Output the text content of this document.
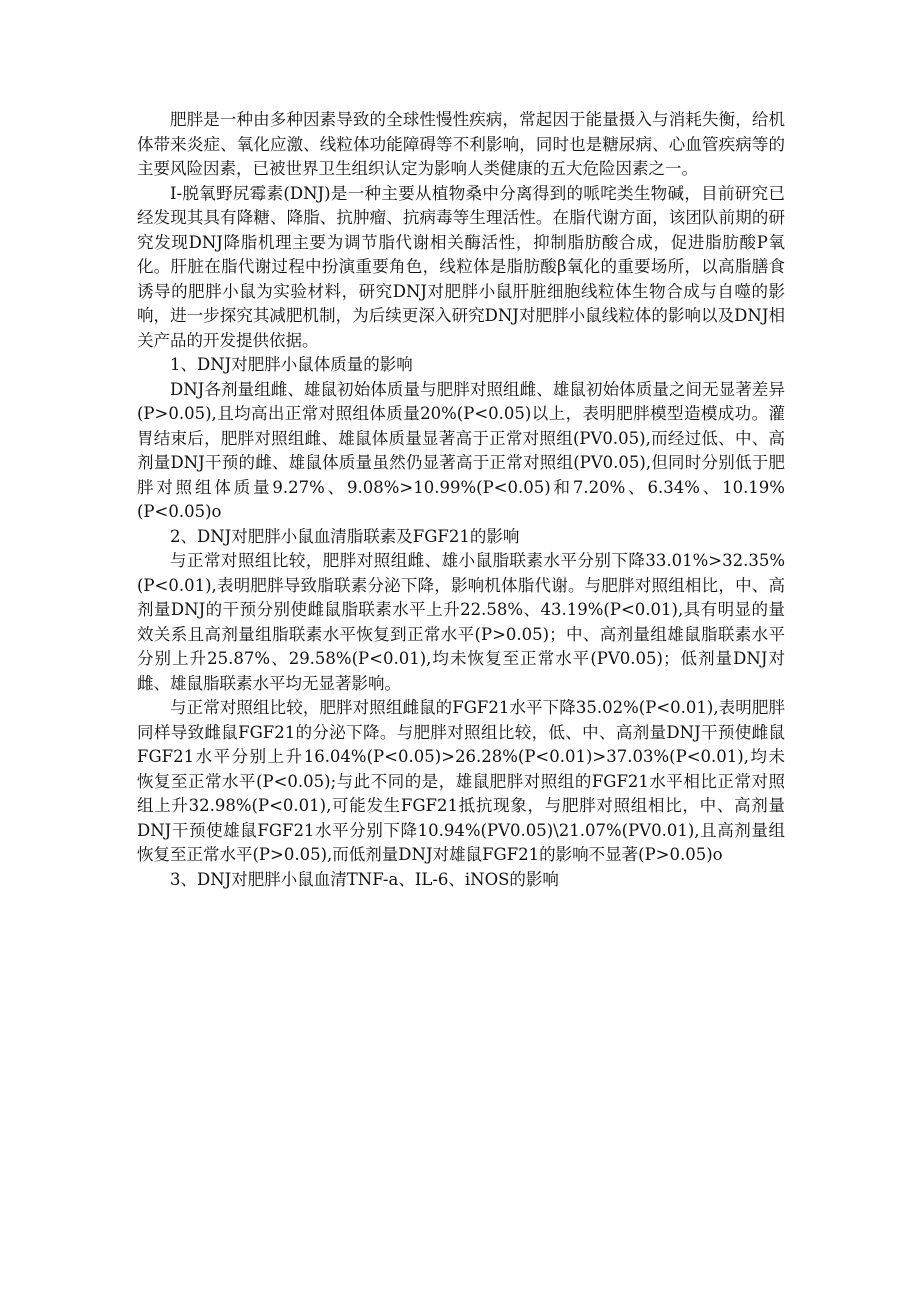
肥胖是一种由多种因素导致的全球性慢性疾病，常起因于能量摄入与消耗失衡，给机体带来炎症、氧化应激、线粒体功能障碍等不利影响，同时也是糖尿病、心血管疾病等的主要风险因素，已被世界卫生组织认定为影响人类健康的五大危险因素之一。

I-脱氧野尻霉素(DNJ)是一种主要从植物桑中分离得到的哌咤类生物碱，目前研究已经发现其具有降糖、降脂、抗肿瘤、抗病毒等生理活性。在脂代谢方面，该团队前期的研究发现DNJ降脂机理主要为调节脂代谢相关酶活性，抑制脂肪酸合成，促进脂肪酸P氧化。肝脏在脂代谢过程中扮演重要角色，线粒体是脂肪酸β氧化的重要场所，以高脂膳食诱导的肥胖小鼠为实验材料，研究DNJ对肥胖小鼠肝脏细胞线粒体生物合成与自噬的影响，进一步探究其减肥机制，为后续更深入研究DNJ对肥胖小鼠线粒体的影响以及DNJ相关产品的开发提供依据。

1、DNJ对肥胖小鼠体质量的影响

DNJ各剂量组雌、雄鼠初始体质量与肥胖对照组雌、雄鼠初始体质量之间无显著差异(P>0.05),且均高出正常对照组体质量20%(P<0.05)以上，表明肥胖模型造模成功。灌胃结束后，肥胖对照组雌、雄鼠体质量显著高于正常对照组(PV0.05),而经过低、中、高剂量DNJ干预的雌、雄鼠体质量虽然仍显著高于正常对照组(PV0.05),但同时分别低于肥胖对照组体质量9.27%、9.08%>10.99%(P<0.05)和7.20%、6.34%、10.19%(P<0.05)o

2、DNJ对肥胖小鼠血清脂联素及FGF21的影响

与正常对照组比较，肥胖对照组雌、雄小鼠脂联素水平分别下降33.01%>32.35%(P<0.01),表明肥胖导致脂联素分泌下降，影响机体脂代谢。与肥胖对照组相比，中、高剂量DNJ的干预分别使雌鼠脂联素水平上升22.58%、43.19%(P<0.01),具有明显的量效关系且高剂量组脂联素水平恢复到正常水平(P>0.05)；中、高剂量组雄鼠脂联素水平分别上升25.87%、29.58%(P<0.01),均未恢复至正常水平(PV0.05)；低剂量DNJ对雌、雄鼠脂联素水平均无显著影响。

与正常对照组比较，肥胖对照组雌鼠的FGF21水平下降35.02%(P<0.01),表明肥胖同样导致雌鼠FGF21的分泌下降。与肥胖对照组比较，低、中、高剂量DNJ干预使雌鼠FGF21水平分别上升16.04%(P<0.05)>26.28%(P<0.01)>37.03%(P<0.01),均未恢复至正常水平(P<0.05);与此不同的是，雄鼠肥胖对照组的FGF21水平相比正常对照组上升32.98%(P<0.01),可能发生FGF21抵抗现象，与肥胖对照组相比，中、高剂量DNJ干预使雄鼠FGF21水平分别下降10.94%(PV0.05)\21.07%(PV0.01),且高剂量组恢复至正常水平(P>0.05),而低剂量DNJ对雄鼠FGF21的影响不显著(P>0.05)o

3、DNJ对肥胖小鼠血清TNF-a、IL-6、iNOS的影响
